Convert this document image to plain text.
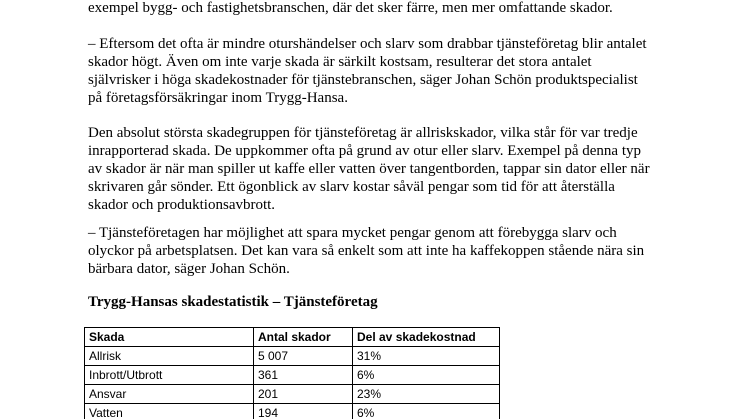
exempel bygg- och fastighetsbranschen, där det sker färre, men mer omfattande skador.

– Eftersom det ofta är mindre oturshändelser och slarv som drabbar tjänsteföretag blir antalet

skador högt. Även om inte varje skada är särkilt kostsam, resulterar det stora antalet

självrisker i höga skadekostnader för tjänstebranschen, säger Johan Schön produktspecialist

på företagsförsäkringar inom Trygg-Hansa.

Den absolut största skadegruppen för tjänsteföretag är allriskskador, vilka står för var tredje

inrapporterad skada. De uppkommer ofta på grund av otur eller slarv. Exempel på denna typ

av skador är när man spiller ut kaffe eller vatten över tangentborden, tappar sin dator eller när

skrivaren går sönder. Ett ögonblick av slarv kostar såväl pengar som tid för att återställa

skador och produktionsavbrott.

– Tjänsteföretagen har möjlighet att spara mycket pengar genom att förebygga slarv och

olyckor på arbetsplatsen. Det kan vara så enkelt som att inte ha kaffekoppen stående nära sin

bärbara dator, säger Johan Schön.

Trygg-Hansas skadestatistik – Tjänsteföretag

Skada	Antal skador	Del av skadekostnad
Allrisk	5 007	31%
Inbrott/Utbrott	361	6%
Ansvar	201	23%
Vatten	194	6%
